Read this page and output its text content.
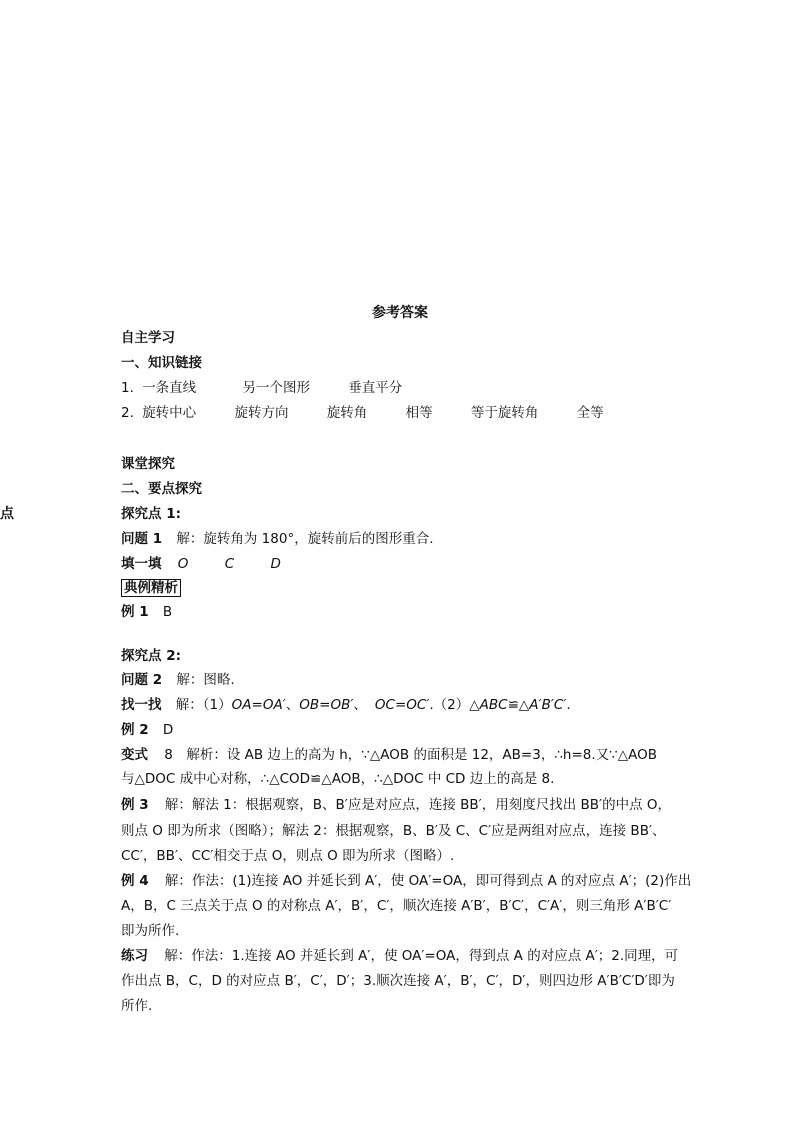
点
参考答案
自主学习
一、知识链接
1. 一条直线	另一个图形	垂直平分
2. 旋转中心	旋转方向	旋转角	相等	等于旋转角	全等
课堂探究
二、要点探究
探究点 1:
问题 1 解：旋转角为 180°，旋转前后的图形重合.
填一填 O	C	D
典例精析
例 1 B
探究点 2:
问题 2 解：图略.
找一找 解：（1）OA=OA′、OB=OB′、 OC=OC′.（2）△ABC≌△A′B′C′.
例 2 D
变式 8　解析：设 AB 边上的高为 h，∵△AOB 的面积是 12，AB=3，∴h=8.又∵△AOB
与△DOC 成中心对称，∴△COD≌△AOB，∴△DOC 中 CD 边上的高是 8.
例 3 解：解法 1：根据观察，B、B′应是对应点，连接 BB′，用刻度尺找出 BB′的中点 O，
则点 O 即为所求（图略）；解法 2：根据观察，B、B′及 C、C′应是两组对应点，连接 BB′、
CC′，BB′、CC′相交于点 O，则点 O 即为所求（图略）.
例 4 解：作法：(1)连接 AO 并延长到 A′，使 OA′=OA，即可得到点 A 的对应点 A′；(2)作出
A，B，C 三点关于点 O 的对称点 A′，B′，C′，顺次连接 A′B′，B′C′，C′A′，则三角形 A′B′C′
即为所作.
练习 解：作法：1.连接 AO 并延长到 A′，使 OA′=OA，得到点 A 的对应点 A′；2.同理，可
作出点 B，C，D 的对应点 B′，C′，D′；3.顺次连接 A′，B′，C′，D′，则四边形 A′B′C′D′即为
所作.
